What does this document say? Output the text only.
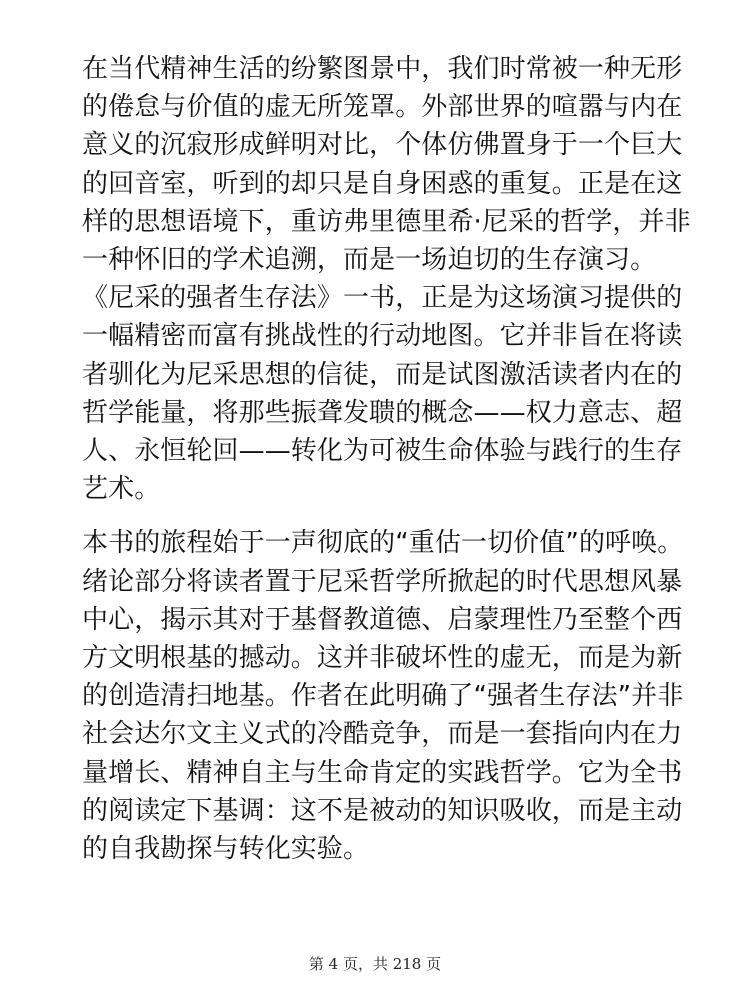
在当代精神生活的纷繁图景中，我们时常被一种无形的倦怠与价值的虚无所笼罩。外部世界的喧嚣与内在意义的沉寂形成鲜明对比，个体仿佛置身于一个巨大的回音室，听到的却只是自身困惑的重复。正是在这样的思想语境下，重访弗里德里希·尼采的哲学，并非一种怀旧的学术追溯，而是一场迫切的生存演习。《尼采的强者生存法》一书，正是为这场演习提供的一幅精密而富有挑战性的行动地图。它并非旨在将读者驯化为尼采思想的信徒，而是试图激活读者内在的哲学能量，将那些振聋发聩的概念——权力意志、超人、永恒轮回——转化为可被生命体验与践行的生存艺术。

本书的旅程始于一声彻底的“重估一切价值”的呼唤。绪论部分将读者置于尼采哲学所掀起的时代思想风暴中心，揭示其对于基督教道德、启蒙理性乃至整个西方文明根基的撼动。这并非破坏性的虚无，而是为新的创造清扫地基。作者在此明确了“强者生存法”并非社会达尔文主义式的冷酷竞争，而是一套指向内在力量增长、精神自主与生命肯定的实践哲学。它为全书的阅读定下基调：这不是被动的知识吸收，而是主动的自我勘探与转化实验。

第 4 页，共 218 页
